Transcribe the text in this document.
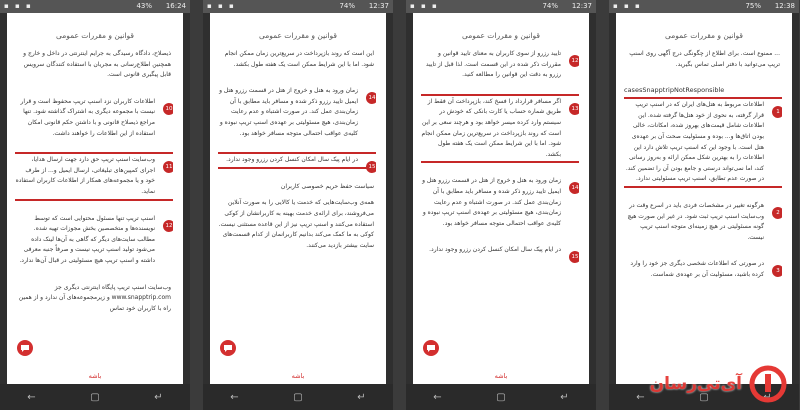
▪ ▪ ▪	43% 16:24
قوانین و مقررات عمومی
ذیصلاح، دادگاه رسیدگی به جرایم اینترنتی در داخل و خارج و همچنین اطلاع‌رسانی به مجریان با استفاده کنندگان سرویس قابل پیگیری قانونی است.
10
اطلاعات کاربران نزد اسنپ تریپ محفوظ است و قرار نیست با مجموعه دیگری به اشتراک گذاشته شود. تنها مراجع ذیصلاح قانونی و با داشتن حکم قانونی امکان استفاده از این اطلاعات را خواهند داشت.
11
وب‌سایت اسنپ تریپ حق دارد جهت ارسال هدایا، اجرای کمپین‌های تبلیغاتی، ارسال ایمیل و... از طرف خود و یا مجموعه‌های همکار از اطلاعات کاربران استفاده نماید.
12
اسنپ تریپ تنها مسئول محتوایی است که توسط نویسنده‌ها و متخصصین بخش مجوزات تهیه شده. مطالب سایت‌های دیگر که گاهی به آن‌ها لینک داده می‌شود تولید اسنپ تریپ نیست و صرفاً جنبه معرفی داشته و اسنپ تریپ هیچ مسئولیتی در قبال آن‌ها ندارد.
وب‌سایت اسنپ تریپ پایگاه اینترنتی دیگری جز www.snapptrip.com و زیرمجموعه‌های آن ندارد و از همین راه با کاربران خود تماس
باشه
←	▢	↵
▪ ▪ ▪	74% 12:37
قوانین و مقررات عمومی
این است که روند بازپرداخت در سریع‌ترین زمان ممکن انجام شود. اما با این شرایط ممکن است یک هفته طول بکشد.
14
زمان ورود به هتل و خروج از هتل در قسمت رزرو هتل و ایمیل تایید رزرو ذکر شده و مسافر باید مطابق با آن زمان‌بندی عمل کند. در صورت اشتباه و عدم رعایت زمان‌بندی، هیچ مسئولیتی بر عهده‌ی اسنپ تریپ نبوده و کلیه‌ی عواقب احتمالی متوجه مسافر خواهد بود.
15
در ایام پیک سال امکان کنسل کردن رزرو وجود ندارد.
سیاست حفظ حریم خصوصی کاربران
همه‌ی وب‌سایت‌هایی که خدمت یا کالایی را به صورت آنلاین می‌فروشند، برای ارائه‌ی خدمت بهینه به کاربرانشان از کوکی استفاده می‌کنند و اسنپ تریپ نیز از این قاعده مستثنی نیست. کوکی به ما کمک می‌کند بدانیم کاربرانمان از کدام قسمت‌های سایت بیشتر بازدید می‌کنند.
باشه
←	▢	↵
▪ ▪ ▪	74% 12:37
قوانین و مقررات عمومی
12
تایید رزرو از سوی کاربران به معنای تایید قوانین و مقررات ذکر شده در این قسمت است. لذا قبل از تایید رزرو به دقت این قوانین را مطالعه کنید.
13
اگر مسافر قرارداد را فسخ کند، بازپرداخت آن فقط از طریق شماره حساب یا کارت بانکی که خودش در سیستم وارد کرده میسر خواهد بود و هرچند سعی بر این است که روند بازپرداخت در سریع‌ترین زمان ممکن انجام شود. اما با این شرایط ممکن است یک هفته طول بکشد.
14
زمان ورود به هتل و خروج از هتل در قسمت رزرو هتل و ایمیل تایید رزرو ذکر شده و مسافر باید مطابق با آن زمان‌بندی عمل کند. در صورت اشتباه و عدم رعایت زمان‌بندی، هیچ مسئولیتی بر عهده‌ی اسنپ تریپ نبوده و کلیه‌ی عواقب احتمالی متوجه مسافر خواهد بود.
15
در ایام پیک سال امکان کنسل کردن رزرو وجود ندارد.
باشه
←	▢	↵
▪ ▪ ▪	75% 12:38
قوانین و مقررات عمومی
... ممنوع است. برای اطلاع از چگونگی درج آگهی روی اسنپ تریپ می‌توانید با دفتر اصلی تماس بگیرید.
casesSnapptripNotResponsible
1
اطلاعات مربوط به هتل‌های ایران که در اسنپ تریپ قرار گرفته، به نحوی از خود هتل‌ها گرفته شده. این اطلاعات شامل قیمت‌های بهروز شده، امکانات، خالی بودن اتاق‌ها و... بوده و مسئولیت صحت آن بر عهده‌ی هتل است. با وجود این که اسنپ تریپ تلاش دارد این اطلاعات را به بهترین شکل ممکن ارائه و به‌روز رسانی کند، اما نمی‌تواند درستی و جامع بودن آن را تضمین کند. در صورت عدم تطابق، اسنپ تریپ مسئولیتی ندارد.
2
هرگونه تغییر در مشخصات فردی باید در اسرع وقت در وب‌سایت اسنپ تریپ ثبت شود. در غیر این صورت هیچ گونه مسئولیتی در هیچ زمینه‌ای متوجه اسنپ تریپ نیست.
3
در صورتی که اطلاعات شخصی دیگری جز خود را وارد کرده باشید، مسئولیت آن بر عهده‌ی شماست.
←	▢	↵
آی‌تی‌رسان
